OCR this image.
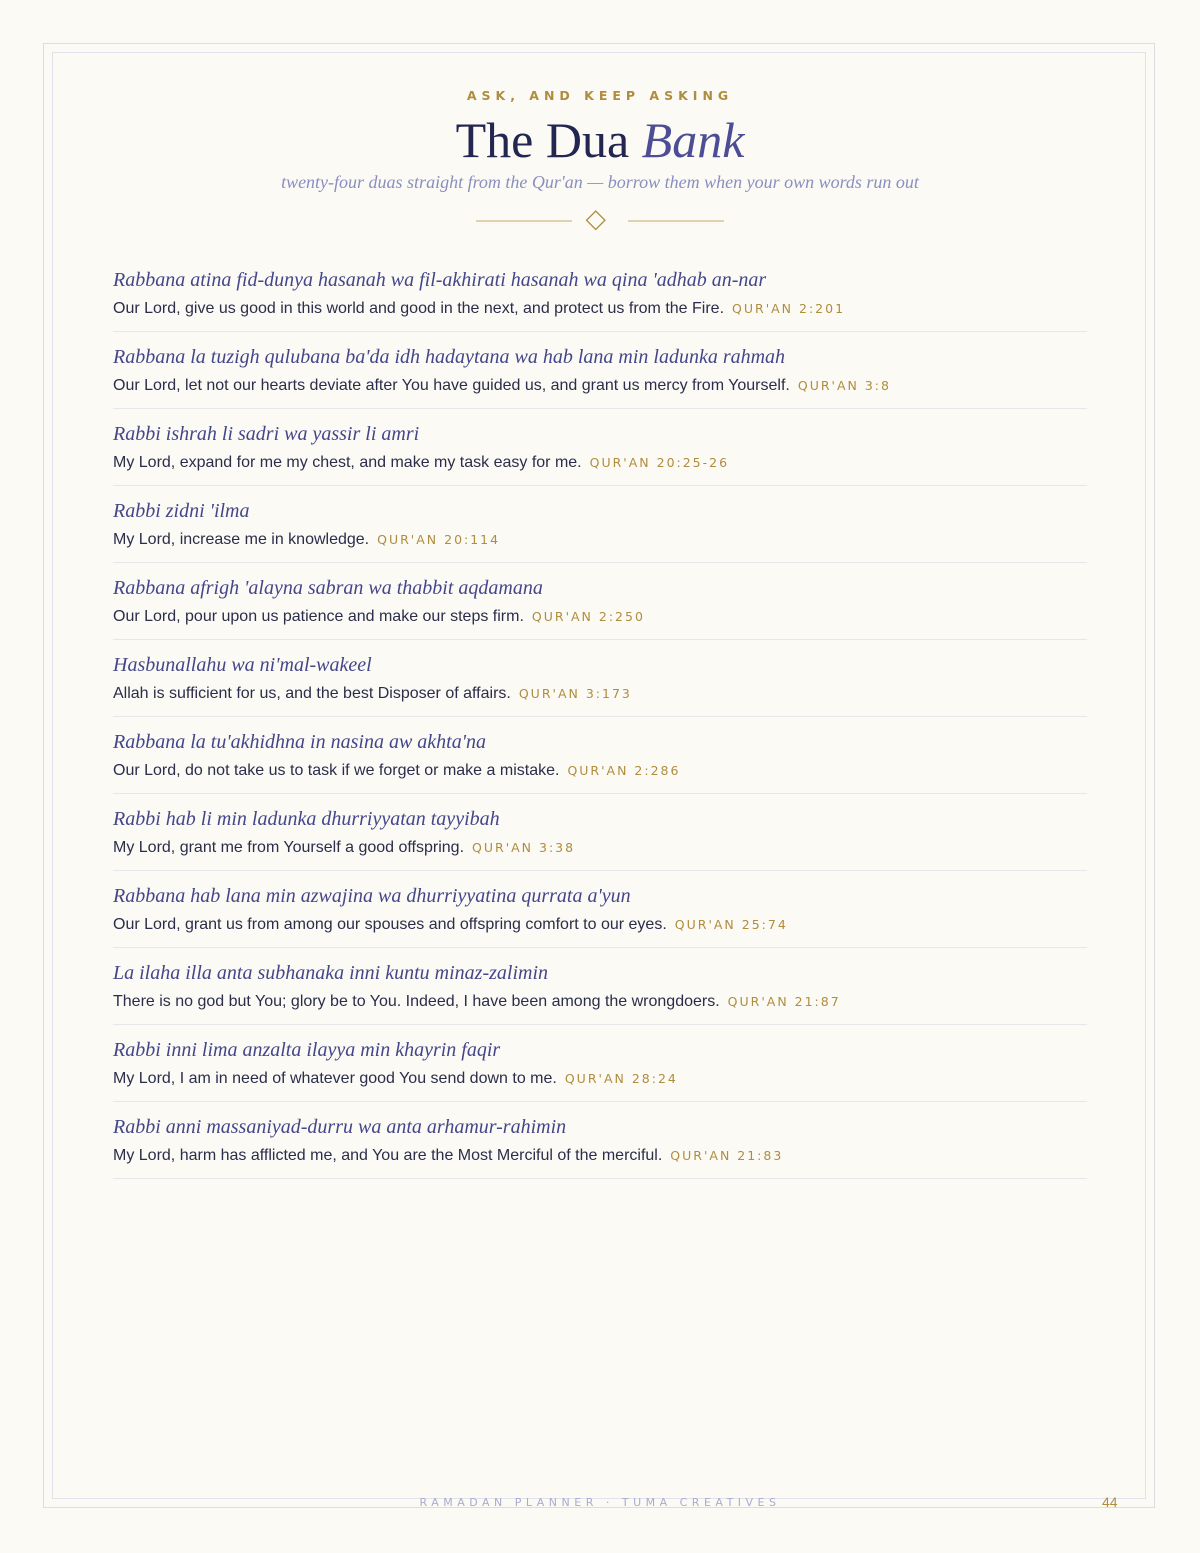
ASK, AND KEEP ASKING
The Dua Bank
twenty-four duas straight from the Qur'an — borrow them when your own words run out
Rabbana atina fid-dunya hasanah wa fil-akhirati hasanah wa qina 'adhab an-nar
Our Lord, give us good in this world and good in the next, and protect us from the Fire. QUR'AN 2:201
Rabbana la tuzigh qulubana ba'da idh hadaytana wa hab lana min ladunka rahmah
Our Lord, let not our hearts deviate after You have guided us, and grant us mercy from Yourself. QUR'AN 3:8
Rabbi ishrah li sadri wa yassir li amri
My Lord, expand for me my chest, and make my task easy for me. QUR'AN 20:25-26
Rabbi zidni 'ilma
My Lord, increase me in knowledge. QUR'AN 20:114
Rabbana afrigh 'alayna sabran wa thabbit aqdamana
Our Lord, pour upon us patience and make our steps firm. QUR'AN 2:250
Hasbunallahu wa ni'mal-wakeel
Allah is sufficient for us, and the best Disposer of affairs. QUR'AN 3:173
Rabbana la tu'akhidhna in nasina aw akhta'na
Our Lord, do not take us to task if we forget or make a mistake. QUR'AN 2:286
Rabbi hab li min ladunka dhurriyyatan tayyibah
My Lord, grant me from Yourself a good offspring. QUR'AN 3:38
Rabbana hab lana min azwajina wa dhurriyyatina qurrata a'yun
Our Lord, grant us from among our spouses and offspring comfort to our eyes. QUR'AN 25:74
La ilaha illa anta subhanaka inni kuntu minaz-zalimin
There is no god but You; glory be to You. Indeed, I have been among the wrongdoers. QUR'AN 21:87
Rabbi inni lima anzalta ilayya min khayrin faqir
My Lord, I am in need of whatever good You send down to me. QUR'AN 28:24
Rabbi anni massaniyad-durru wa anta arhamur-rahimin
My Lord, harm has afflicted me, and You are the Most Merciful of the merciful. QUR'AN 21:83
RAMADAN PLANNER · TUMA CREATIVES	44
